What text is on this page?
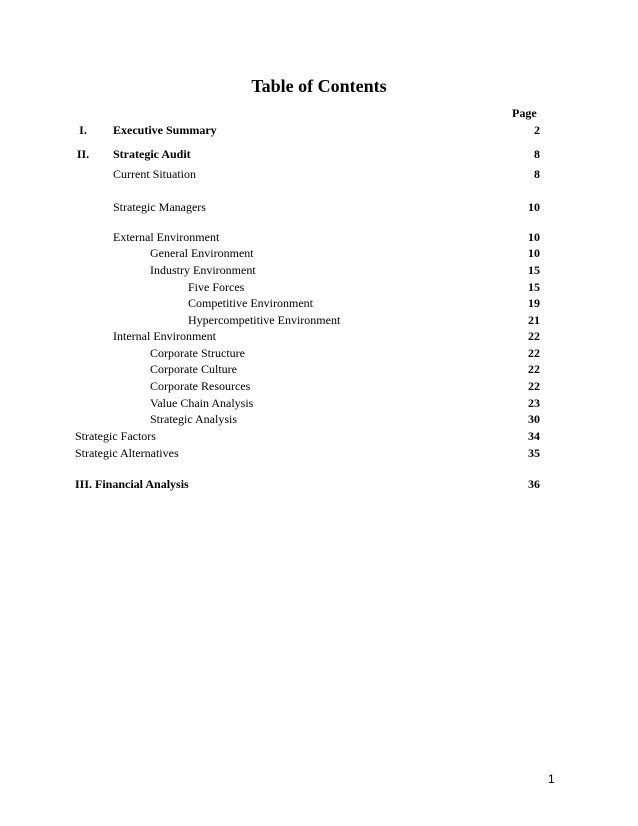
Table of Contents
Page
I.	Executive Summary	2
II.	Strategic Audit	8
Current Situation	8
Strategic Managers	10
External Environment	10
General Environment	10
Industry Environment	15
Five Forces	15
Competitive Environment	19
Hypercompetitive Environment	21
Internal Environment	22
Corporate Structure	22
Corporate Culture	22
Corporate Resources	22
Value Chain Analysis	23
Strategic Analysis	30
Strategic Factors	34
Strategic Alternatives	35
III. Financial Analysis	36
1
